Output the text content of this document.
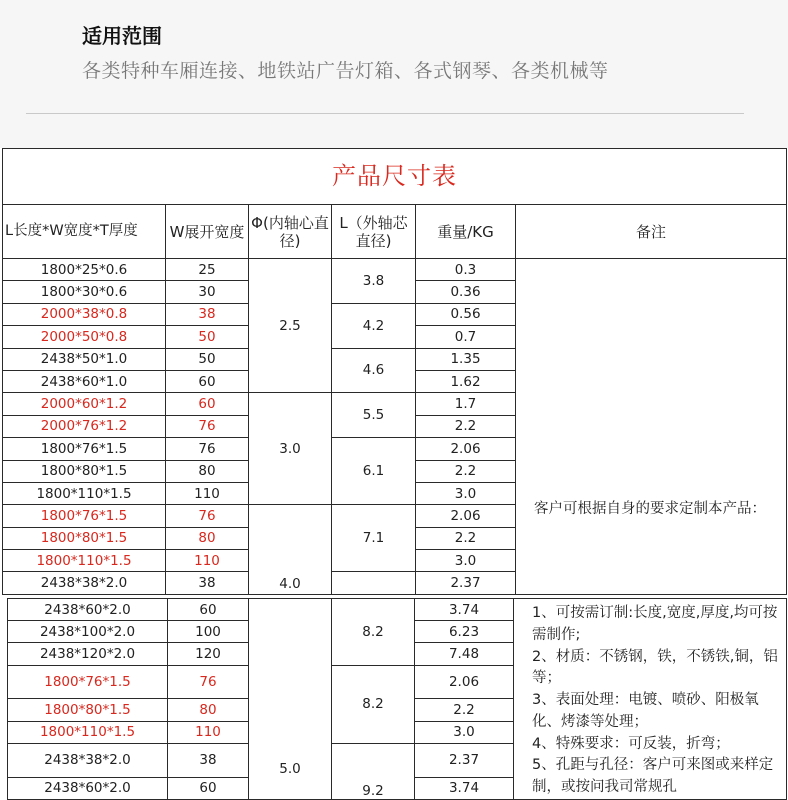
适用范围
各类特种车厢连接、地铁站广告灯箱、各式钢琴、各类机械等
产品尺寸表					
L长度*W宽度*T厚度	W展开宽度	Φ(内轴心直径)	L（外轴芯直径)	重量/KG	备注
1800*25*0.6	25	2.5	3.8	0.3	客户可根据自身的要求定制本产品：
1800*30*0.6	30			0.36	
2000*38*0.8	38		4.2	0.56	
2000*50*0.8	50			0.7	
2438*50*1.0	50		4.6	1.35	
2438*60*1.0	60			1.62	
2000*60*1.2	60	3.0	5.5	1.7	
2000*76*1.2	76			2.2	
1800*76*1.5	76		6.1	2.06	
1800*80*1.5	80			2.2	
1800*110*1.5	110			3.0	
1800*76*1.5	76	4.0	7.1	2.06	
1800*80*1.5	80			2.2	
1800*110*1.5	110			3.0	
2438*38*2.0	38			2.37	
2438*60*2.0	60	5.0	8.2	3.74	1、可按需订制:长度,宽度,厚度,均可按需制作;
2、材质：不锈钢，铁，不锈铁,铜，铝等；
3、表面处理：电镀、喷砂、阳极氧化、烤漆等处理；
4、特殊要求：可反装，折弯；
5、孔距与孔径：客户可来图或来样定制，或按问我司常规孔

2438*100*2.0	100			6.23	
2438*120*2.0	120			7.48	
1800*76*1.5	76		8.2	2.06	
1800*80*1.5	80			2.2	
1800*110*1.5	110			3.0	
2438*38*2.0	38		9.2	2.37	
2438*60*2.0	60			3.74	
